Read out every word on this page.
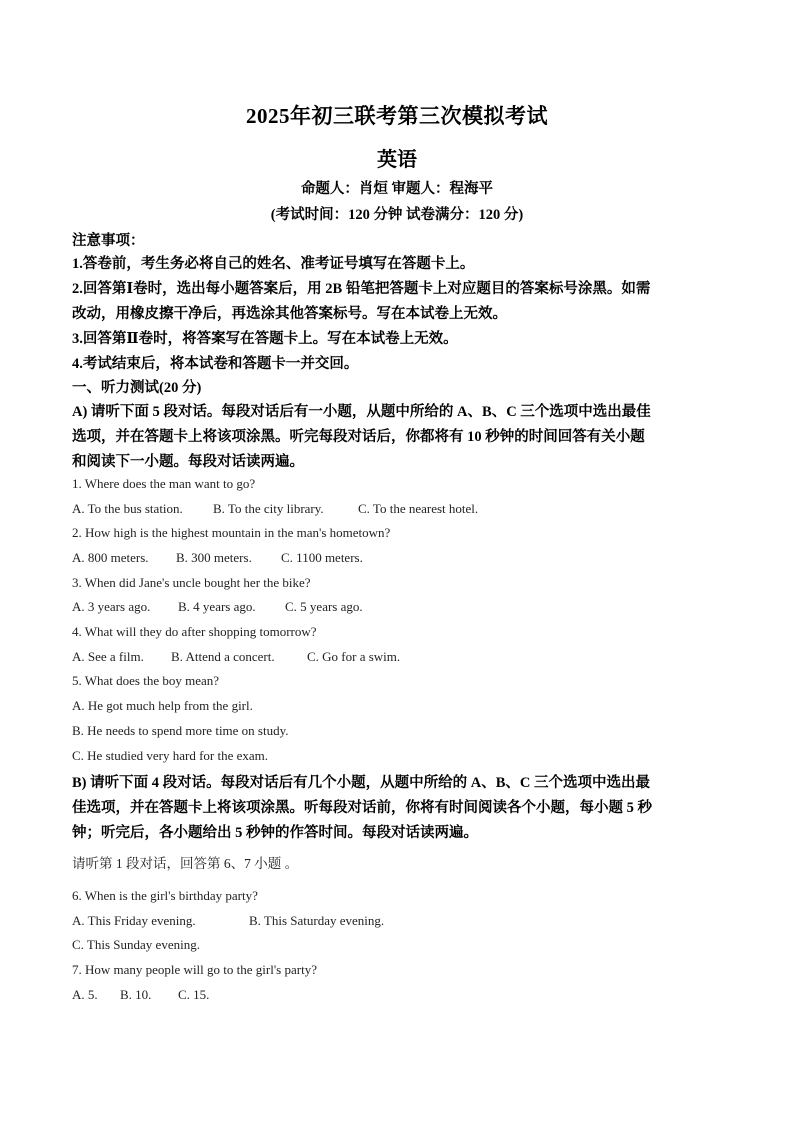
2025年初三联考第三次模拟考试
英语
命题人：肖烜 审题人：程海平
(考试时间：120 分钟 试卷满分：120 分)
注意事项：
1.答卷前，考生务必将自己的姓名、准考证号填写在答题卡上。
2.回答第Ⅰ卷时，选出每小题答案后，用 2B 铅笔把答题卡上对应题目的答案标号涂黑。如需
改动，用橡皮擦干净后，再选涂其他答案标号。写在本试卷上无效。
3.回答第Ⅱ卷时，将答案写在答题卡上。写在本试卷上无效。
4.考试结束后，将本试卷和答题卡一并交回。
一、听力测试(20 分)
A) 请听下面 5 段对话。每段对话后有一小题，从题中所给的 A、B、C 三个选项中选出最佳
选项，并在答题卡上将该项涂黑。听完每段对话后，你都将有 10 秒钟的时间回答有关小题
和阅读下一小题。每段对话读两遍。
1. Where does the man want to go?
A. To the bus station. B. To the city library.	C. To the nearest hotel.
2. How high is the highest mountain in the man's hometown?
A. 800 meters. B. 300 meters. C. 1100 meters.
3. When did Jane's uncle bought her the bike?
A. 3 years ago. B. 4 years ago. C. 5 years ago.
4. What will they do after shopping tomorrow?
A. See a film. B. Attend a concert. C. Go for a swim.
5. What does the boy mean?
A. He got much help from the girl.
B. He needs to spend more time on study.
C. He studied very hard for the exam.
B) 请听下面 4 段对话。每段对话后有几个小题，从题中所给的 A、B、C 三个选项中选出最
佳选项，并在答题卡上将该项涂黑。听每段对话前，你将有时间阅读各个小题，每小题 5 秒
钟；听完后，各小题给出 5 秒钟的作答时间。每段对话读两遍。
请听第 1 段对话，回答第 6、7 小题 。
6. When is the girl's birthday party?
A. This Friday evening.	B. This Saturday evening.
C. This Sunday evening.
7. How many people will go to the girl's party?
A. 5. B. 10. C. 15.
